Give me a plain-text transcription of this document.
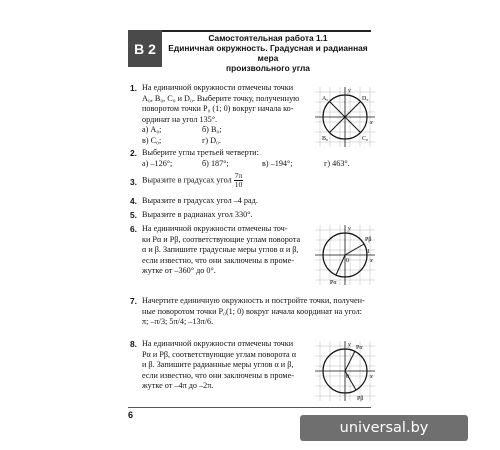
В 2
Самостоятельная работа 1.1
Единичная окружность. Градусная и радианная мера
произвольного угла
1. На единичной окружности отмечены точки
A₀, B₀, C₀ и D₀. Выберите точку, полученную
поворотом точки P₀ (1; 0) вокруг начала ко-
ординат на угол 135°.
а) A₀;	б) B₀;
в) C₀;	г) D₀.
2. Выберите углы третьей четверти:
а) –126°;	б) 187°;	в) –194°;	г) 463°.
3. Выразите в градусах угол $\frac{7\pi}{10}$
4. Выразите в градусах угол –4 рад.
5. Выразите в радианах угол 330°.
6. На единичной окружности отмечены точ-
ки Pα и Pβ, соответствующие углам поворота
α и β. Запишите градусные меры углов α и β,
если известно, что они заключены в проме-
жутке от –360° до 0°.
7. Начертите единичную окружность и постройте точки, получен-
ные поворотом точки P₀(1; 0) вокруг начала координат на угол:
π; –π/3; 5π/4; –13π/6.
8. На единичной окружности отмечены точки
Pα и Pβ, соответствующие углам поворота α
и β. Запишите радианные меры углов α и β,
если известно, что они заключены в проме-
жутке от –4π до –2π.
y
x
A₀	D₀
B₀	C₀
y
x
Pβ
Pα
1
0
y
x
Pα
Pβ
0
6
universal.by
